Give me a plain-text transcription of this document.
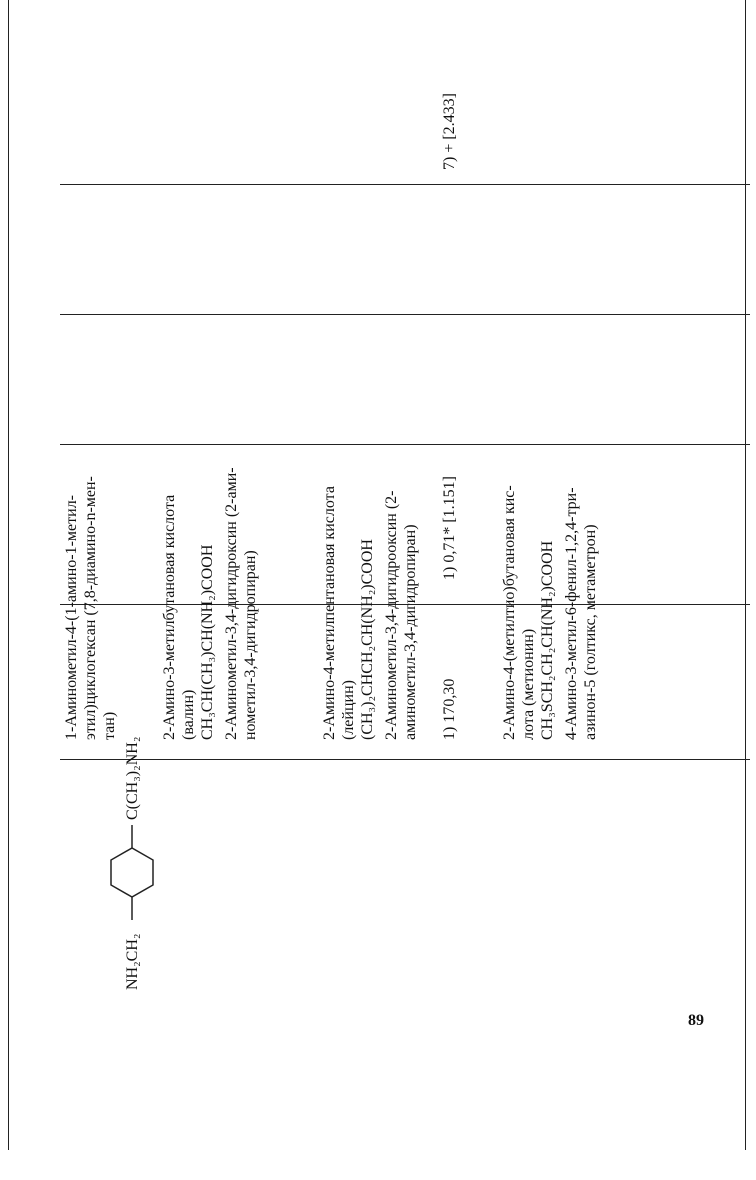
1-Аминометил-4-(1-амино-1-метил- этил)циклогексан (7,8-диамино-n-мен- тан)
NH₂CH₂
C(CH₃)₂NH₂
1) 170,30
1) 0,71* [1.151]
7) + [2.433]
2-Амино-3-метилбутановая кислота (валин) CH₃CH(CH₃)CH(NH₂)COOH 2-Аминометил-3,4-дигидроксин (2-ами- нометил-3,4-дигидропиран)	2-Амино-4-метилпентановая кислота (лейцин) (CH₃)₂CHCH₂CH(NH₂)COOH 2-Аминометил-3,4-дигидрооксин (2- аминометил-3,4-дигидропиран)	2-Амино-4-(метилтио)бутановая кис- лота (метионин) CH₃SCH₂CH₂CH(NH₂)COOH 4-Амино-3-метил-6-фенил-1,2,4-три- азинон-5 (голтикс, метаметрон)
89
